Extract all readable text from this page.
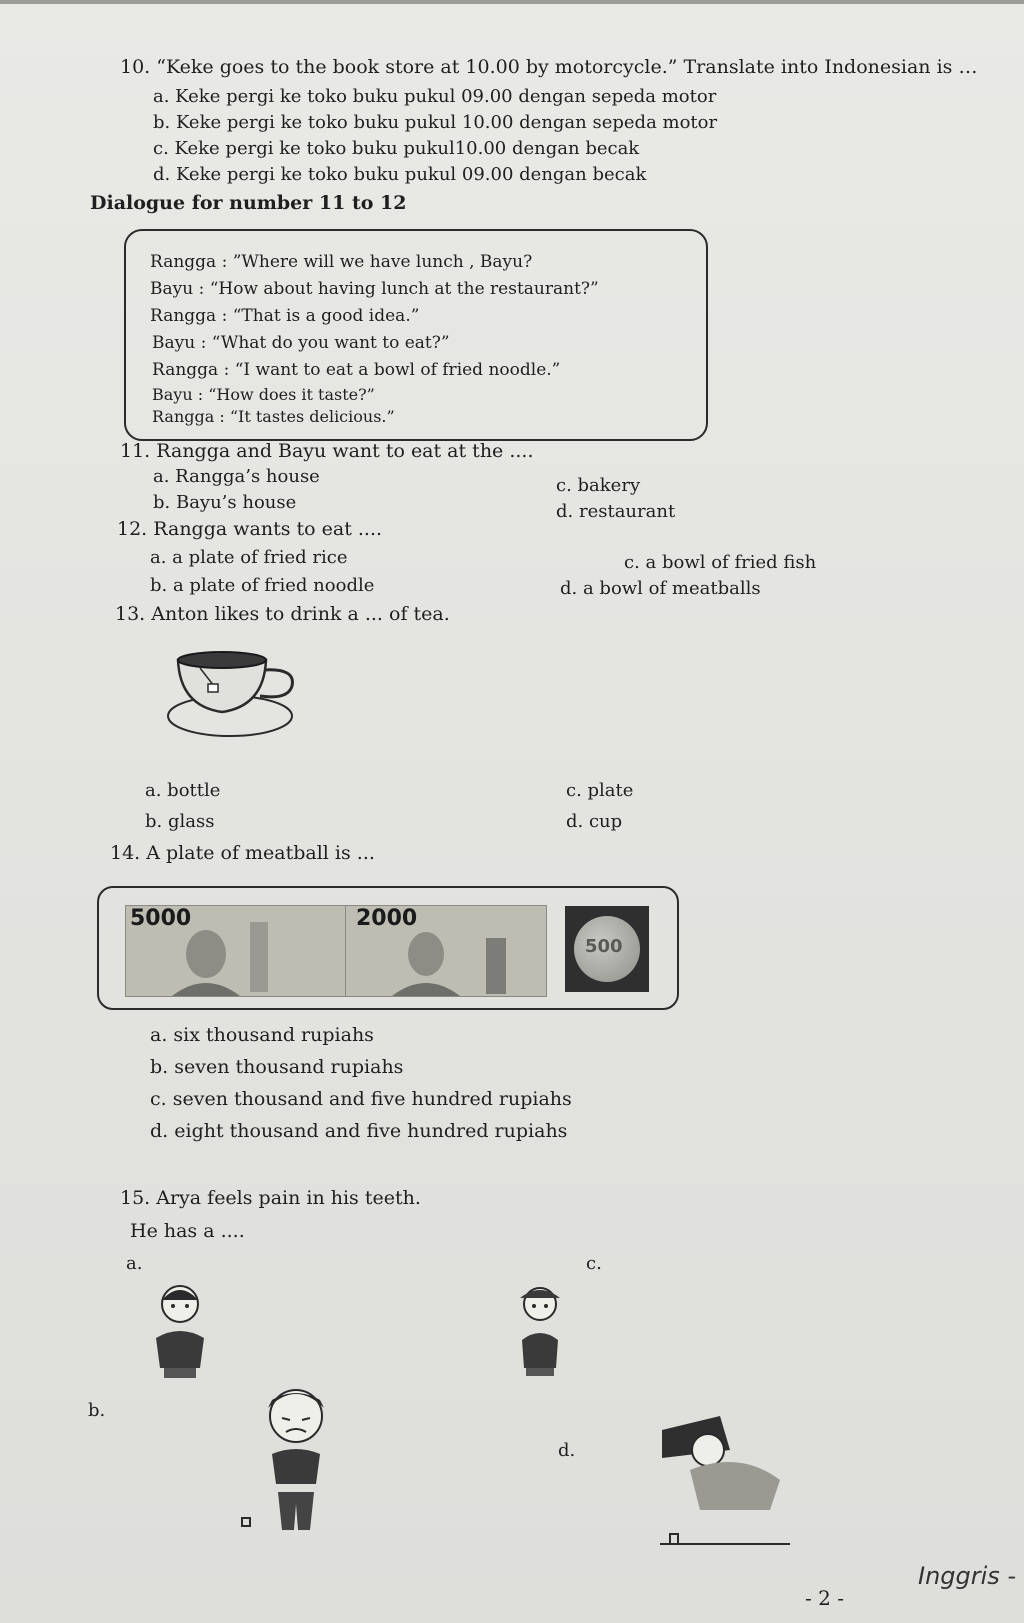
10. “Keke goes to the book store at 10.00 by motorcycle.” Translate into Indonesian is …
a. Keke pergi ke toko buku pukul 09.00 dengan sepeda motor
b. Keke pergi ke toko buku pukul 10.00 dengan sepeda motor
c. Keke pergi ke toko buku pukul10.00 dengan becak
d. Keke pergi ke toko buku pukul 09.00 dengan becak
Dialogue for number 11 to 12
Rangga : ”Where will we have lunch , Bayu?
Bayu : “How about having lunch at the restaurant?”
Rangga : “That is a good idea.”
Bayu : “What do you want to eat?”
Rangga : “I want to eat a bowl of fried noodle.”
Bayu : “How does it taste?”
Rangga : “It tastes delicious.”
11. Rangga and Bayu want to eat at the ....
a. Rangga’s house
b. Bayu’s house
c. bakery
d. restaurant
12. Rangga wants to eat ....
a. a plate of fried rice
b. a plate of fried noodle
c. a bowl of fried fish
d. a bowl of meatballs
13. Anton likes to drink a ... of tea.
a. bottle
b. glass
c. plate
d. cup
14. A plate of meatball is ...
5000	2000
500
a. six thousand rupiahs
b. seven thousand rupiahs
c. seven thousand and five hundred rupiahs
d. eight thousand and five hundred rupiahs
15. Arya feels pain in his teeth.
He has a ....
a.	c.
b.
d.
- 2 -
Inggris -
